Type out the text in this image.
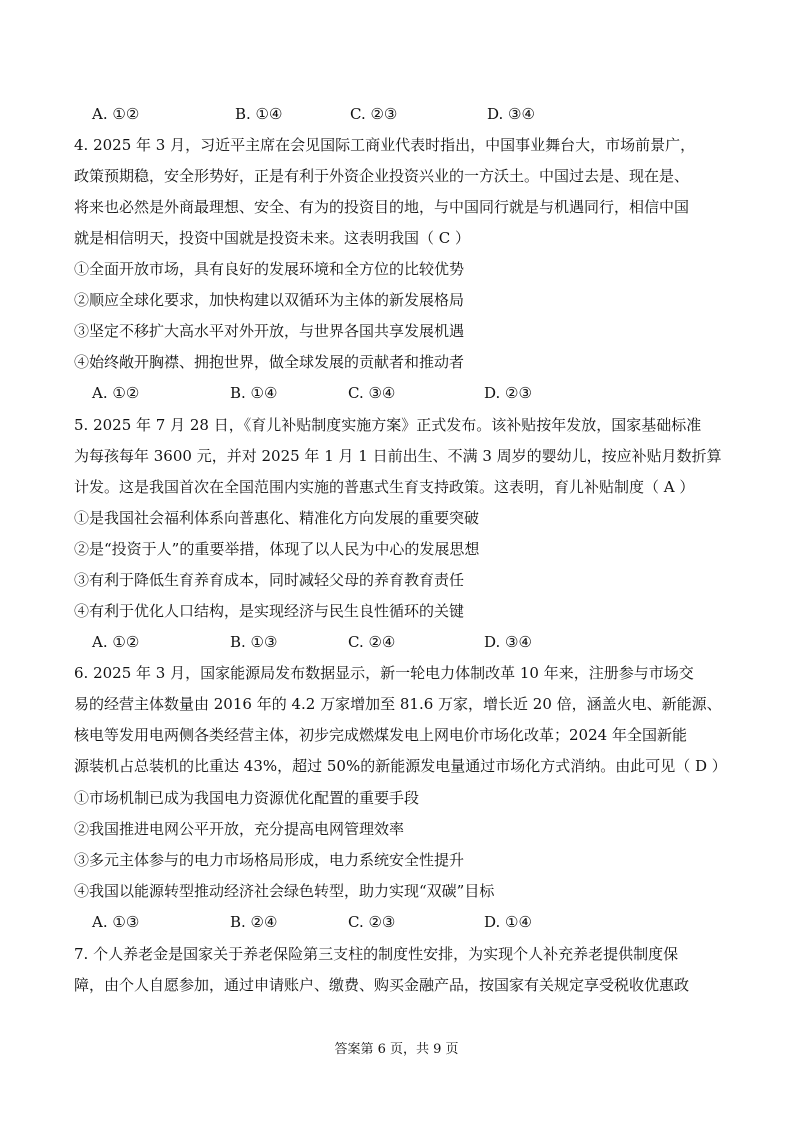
A. ①②	B. ①④	C. ②③	D. ③④
4. 2025 年 3 月，习近平主席在会见国际工商业代表时指出，中国事业舞台大，市场前景广，
政策预期稳，安全形势好，正是有利于外资企业投资兴业的一方沃土。中国过去是、现在是、
将来也必然是外商最理想、安全、有为的投资目的地，与中国同行就是与机遇同行，相信中国
就是相信明天，投资中国就是投资未来。这表明我国（ C ）
①全面开放市场，具有良好的发展环境和全方位的比较优势
②顺应全球化要求，加快构建以双循环为主体的新发展格局
③坚定不移扩大高水平对外开放，与世界各国共享发展机遇
④始终敞开胸襟、拥抱世界，做全球发展的贡献者和推动者
A. ①②	B. ①④	C. ③④	D. ②③
5. 2025 年 7 月 28 日，《育儿补贴制度实施方案》正式发布。该补贴按年发放，国家基础标准
为每孩每年 3600 元，并对 2025 年 1 月 1 日前出生、不满 3 周岁的婴幼儿，按应补贴月数折算
计发。这是我国首次在全国范围内实施的普惠式生育支持政策。这表明，育儿补贴制度（ A ）
①是我国社会福利体系向普惠化、精准化方向发展的重要突破
②是“投资于人”的重要举措，体现了以人民为中心的发展思想
③有利于降低生育养育成本，同时减轻父母的养育教育责任
④有利于优化人口结构，是实现经济与民生良性循环的关键
A. ①②	B. ①③	C. ②④	D. ③④
6. 2025 年 3 月，国家能源局发布数据显示，新一轮电力体制改革 10 年来，注册参与市场交
易的经营主体数量由 2016 年的 4.2 万家增加至 81.6 万家，增长近 20 倍，涵盖火电、新能源、
核电等发用电两侧各类经营主体，初步完成燃煤发电上网电价市场化改革；2024 年全国新能
源装机占总装机的比重达 43%，超过 50%的新能源发电量通过市场化方式消纳。由此可见（ D ）
①市场机制已成为我国电力资源优化配置的重要手段
②我国推进电网公平开放，充分提高电网管理效率
③多元主体参与的电力市场格局形成，电力系统安全性提升
④我国以能源转型推动经济社会绿色转型，助力实现“双碳”目标
A. ①③	B. ②④	C. ②③	D. ①④
7. 个人养老金是国家关于养老保险第三支柱的制度性安排，为实现个人补充养老提供制度保
障，由个人自愿参加，通过申请账户、缴费、购买金融产品，按国家有关规定享受税收优惠政
答案第 6 页，共 9 页
